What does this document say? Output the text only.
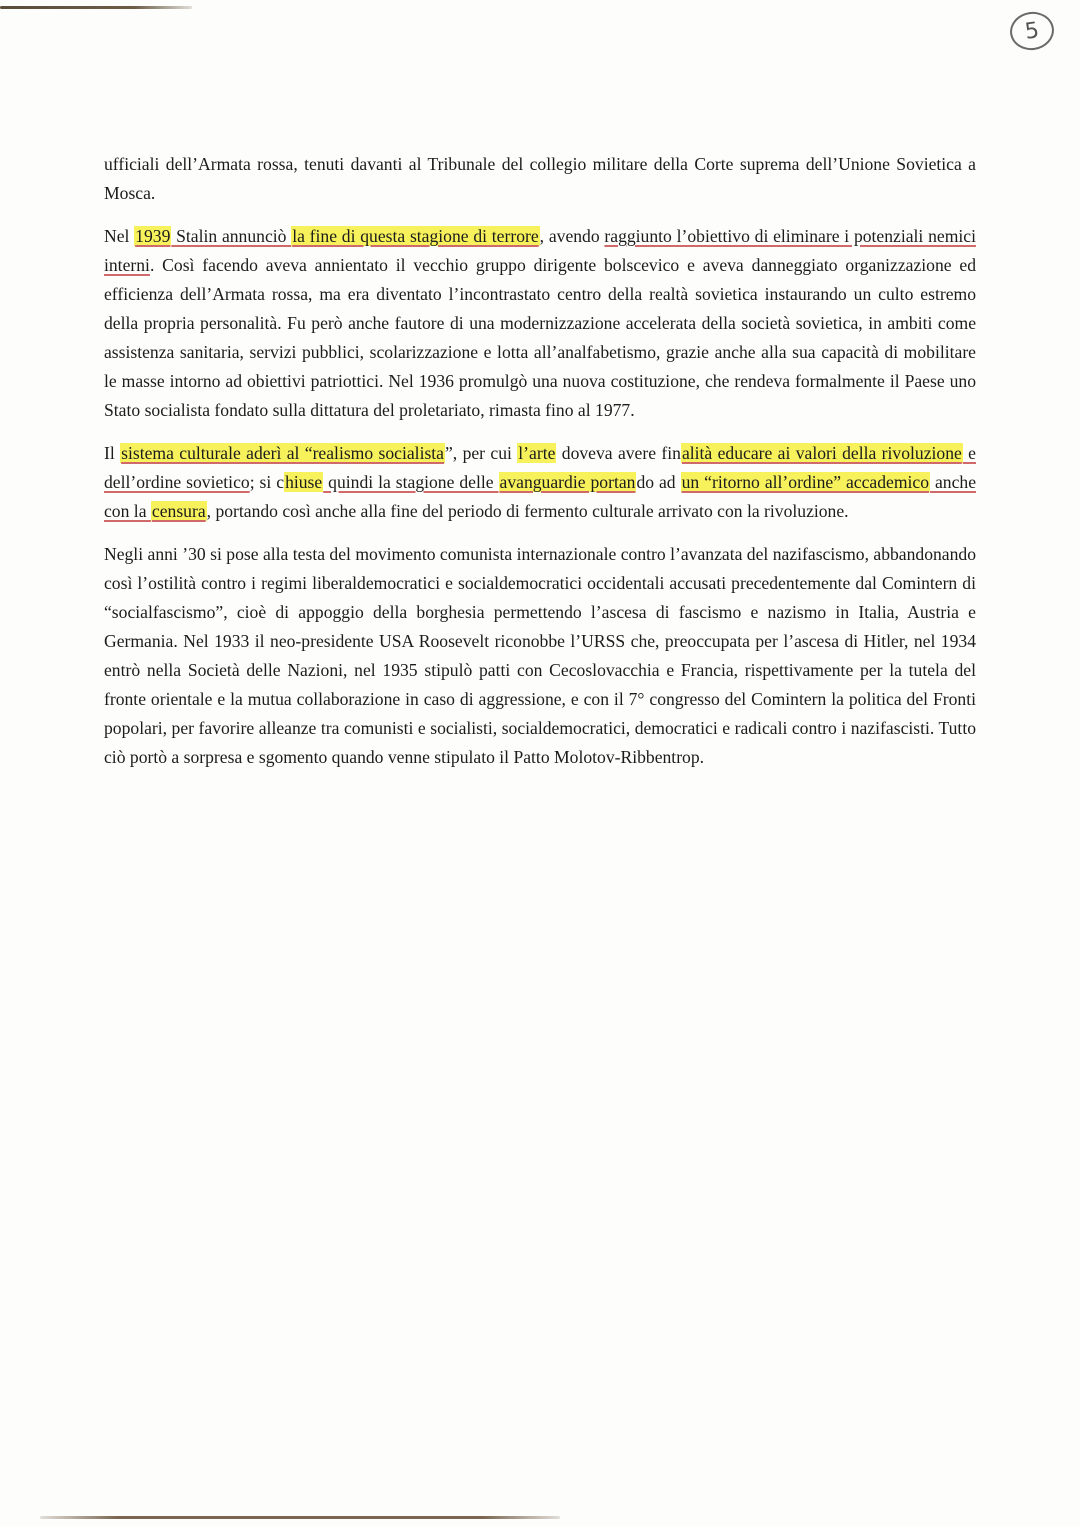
5

ufficiali dell’Armata rossa, tenuti davanti al Tribunale del collegio militare della Corte suprema dell’Unione Sovietica a Mosca.

Nel 1939 Stalin annunciò la fine di questa stagione di terrore, avendo raggiunto l’obiettivo di eliminare i potenziali nemici interni. Così facendo aveva annientato il vecchio gruppo dirigente bolscevico e aveva danneggiato organizzazione ed efficienza dell’Armata rossa, ma era diventato l’incontrastato centro della realtà sovietica instaurando un culto estremo della propria personalità. Fu però anche fautore di una modernizzazione accelerata della società sovietica, in ambiti come assistenza sanitaria, servizi pubblici, scolarizzazione e lotta all’analfabetismo, grazie anche alla sua capacità di mobilitare le masse intorno ad obiettivi patriottici. Nel 1936 promulgò una nuova costituzione, che rendeva formalmente il Paese uno Stato socialista fondato sulla dittatura del proletariato, rimasta fino al 1977.

Il sistema culturale aderì al “realismo socialista”, per cui l’arte doveva avere finalità educare ai valori della rivoluzione e dell’ordine sovietico; si chiuse quindi la stagione delle avanguardie portando ad un “ritorno all’ordine” accademico anche con la censura, portando così anche alla fine del periodo di fermento culturale arrivato con la rivoluzione.

Negli anni ’30 si pose alla testa del movimento comunista internazionale contro l’avanzata del nazifascismo, abbandonando così l’ostilità contro i regimi liberaldemocratici e socialdemocratici occidentali accusati precedentemente dal Comintern di “socialfascismo”, cioè di appoggio della borghesia permettendo l’ascesa di fascismo e nazismo in Italia, Austria e Germania. Nel 1933 il neo-presidente USA Roosevelt riconobbe l’URSS che, preoccupata per l’ascesa di Hitler, nel 1934 entrò nella Società delle Nazioni, nel 1935 stipulò patti con Cecoslovacchia e Francia, rispettivamente per la tutela del fronte orientale e la mutua collaborazione in caso di aggressione, e con il 7° congresso del Comintern la politica del Fronti popolari, per favorire alleanze tra comunisti e socialisti, socialdemocratici, democratici e radicali contro i nazifascisti. Tutto ciò portò a sorpresa e sgomento quando venne stipulato il Patto Molotov-Ribbentrop.
